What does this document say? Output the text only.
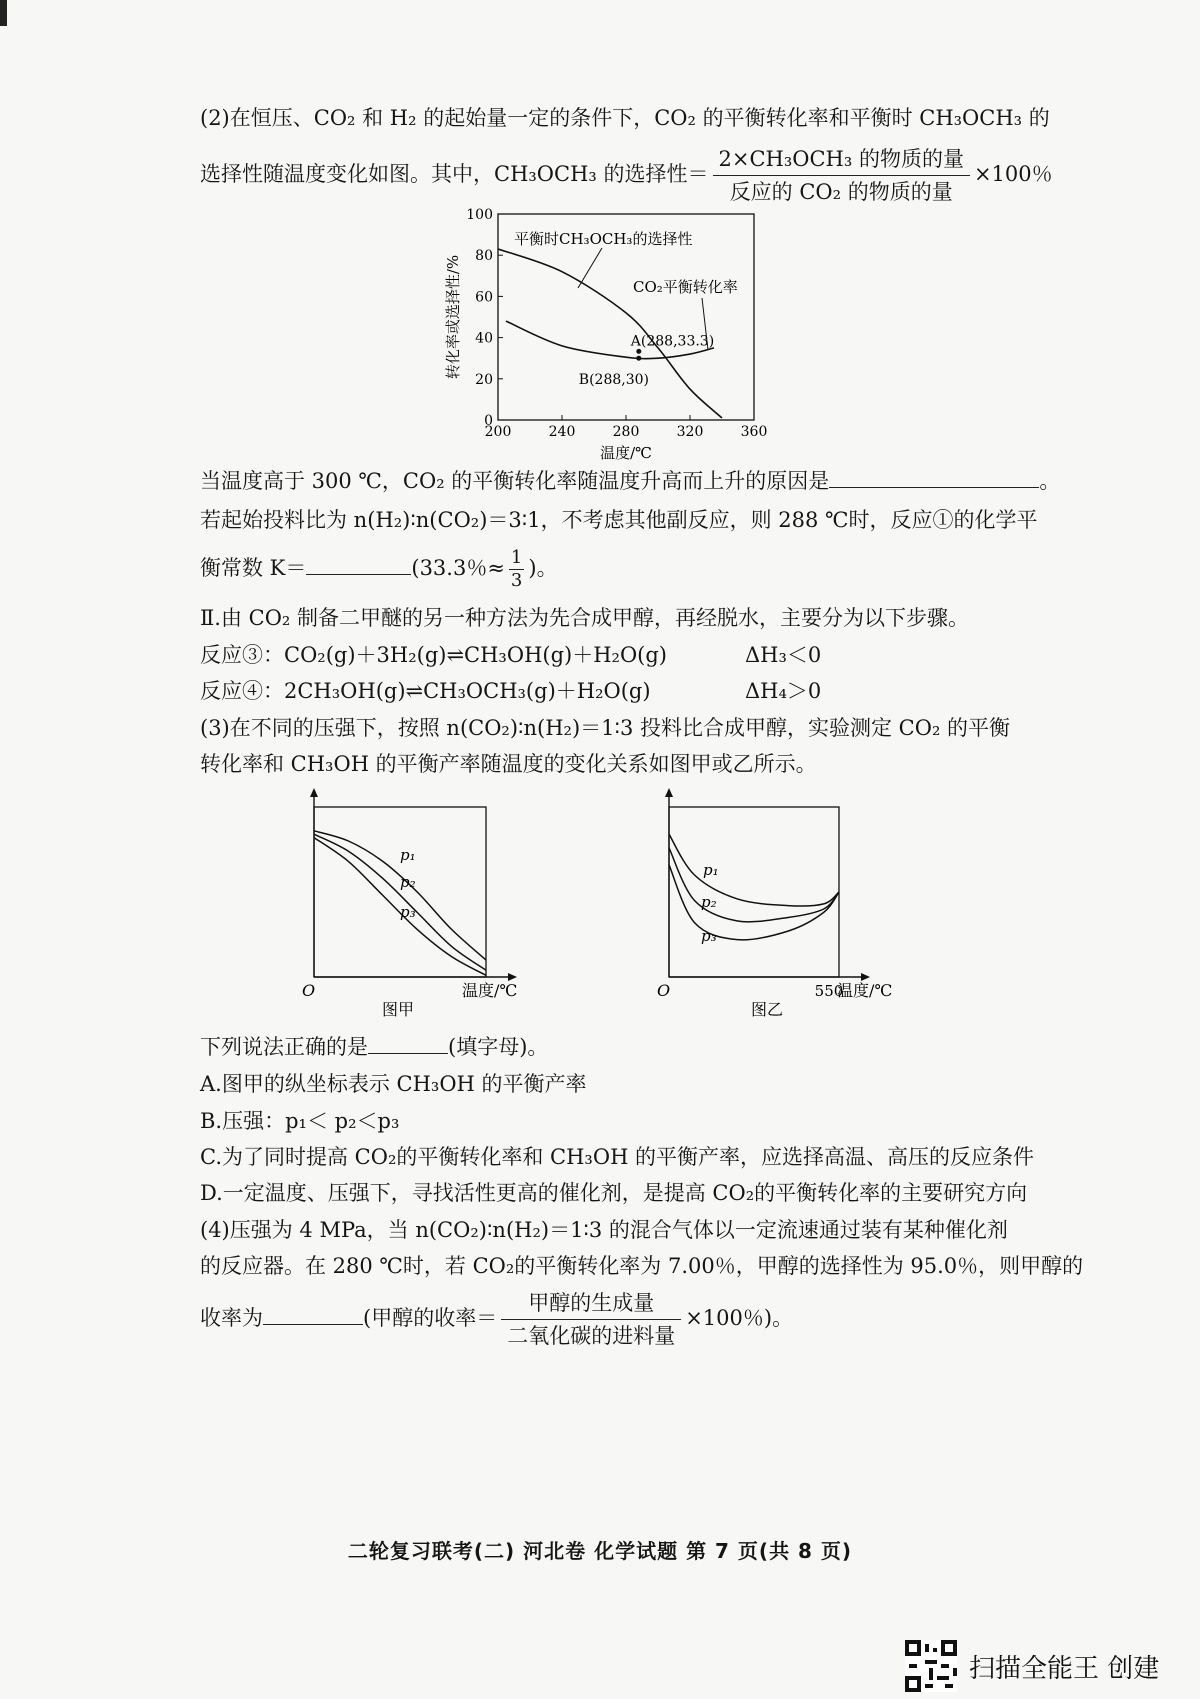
(2)在恒压、CO₂ 和 H₂ 的起始量一定的条件下，CO₂ 的平衡转化率和平衡时 CH₃OCH₃ 的
选择性随温度变化如图。其中，CH₃OCH₃ 的选择性＝ $\frac{\text{2×CH₃OCH₃ 的物质的量}}{\text{反应的 CO₂ 的物质的量}} \times 100$％
200	240	280	320	360
0
20
40
60
80
100
温度/℃
转化率或选择性/%
平衡时CH₃OCH₃的选择性
CO₂平衡转化率
A(288,33.3)
B(288,30)
当温度高于 300 ℃，CO₂ 的平衡转化率随温度升高而上升的原因是	。
若起始投料比为 n(H₂)∶n(CO₂)＝3∶1，不考虑其他副反应，则 288 ℃时，反应①的化学平
衡常数 K＝	(33.3％≈ $\frac{1}{3}$ )。
Ⅱ.由 CO₂ 制备二甲醚的另一种方法为先合成甲醇，再经脱水，主要分为以下步骤。
反应③：CO₂(g)＋3H₂(g)⇌CH₃OH(g)＋H₂O(g)	ΔH₃＜0
反应④：2CH₃OH(g)⇌CH₃OCH₃(g)＋H₂O(g)	ΔH₄＞0
(3)在不同的压强下，按照 n(CO₂)∶n(H₂)＝1∶3 投料比合成甲醇，实验测定 CO₂ 的平衡
转化率和 CH₃OH 的平衡产率随温度的变化关系如图甲或乙所示。
O
p₁
p₂
p₃
温度/℃
图甲
O
p₁
p₂
p₃
温度/℃
550
图乙
下列说法正确的是	(填字母)。
A.图甲的纵坐标表示 CH₃OH 的平衡产率
B.压强：p₁＜ p₂＜p₃
C.为了同时提高 CO₂的平衡转化率和 CH₃OH 的平衡产率，应选择高温、高压的反应条件
D.一定温度、压强下，寻找活性更高的催化剂，是提高 CO₂的平衡转化率的主要研究方向
(4)压强为 4 MPa，当 n(CO₂)∶n(H₂)＝1∶3 的混合气体以一定流速通过装有某种催化剂
的反应器。在 280 ℃时，若 CO₂的平衡转化率为 7.00％，甲醇的选择性为 95.0％，则甲醇的
收率为	(甲醇的收率＝ $\frac{\text{甲醇的生成量}}{\text{二氧化碳的进料量}} \times 100$％)。
二轮复习联考(二) 河北卷 化学试题 第 7 页(共 8 页)
扫描全能王 创建
